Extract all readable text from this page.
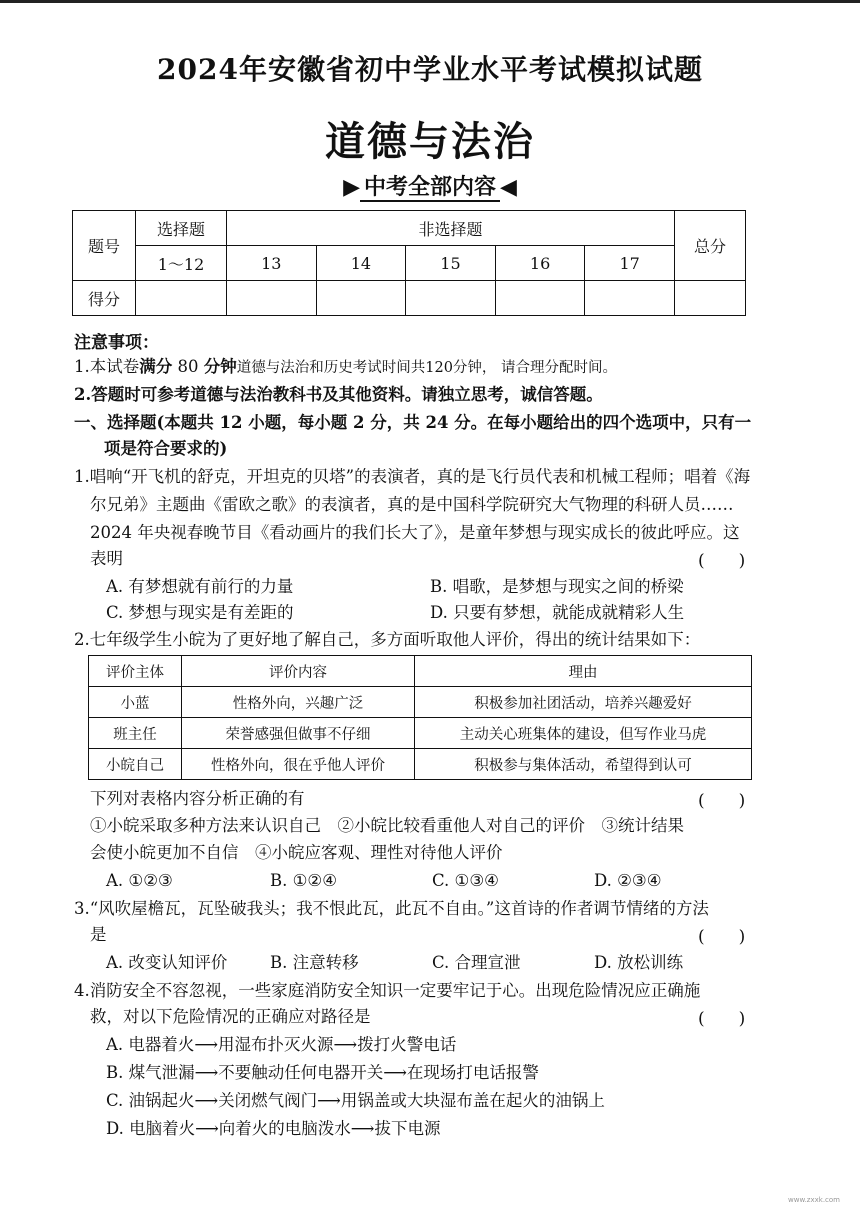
2024年安徽省初中学业水平考试模拟试题
道德与法治
▶ 中考全部内容 ◀
题号	选择题	非选择题					总分
	1～12	13	14	15	16	17	
得分							
注意事项：
1.本试卷满分 80 分钟道德与法治和历史考试时间共120分钟， 请合理分配时间。
2.答题时可参考道德与法治教科书及其他资料。请独立思考，诚信答题。
一、选择题(本题共 12 小题，每小题 2 分，共 24 分。在每小题给出的四个选项中，只有一
项是符合要求的)
1.唱响“开飞机的舒克，开坦克的贝塔”的表演者，真的是飞行员代表和机械工程师；唱着《海
尔兄弟》主题曲《雷欧之歌》的表演者，真的是中国科学院研究大气物理的科研人员……
2024 年央视春晚节目《看动画片的我们长大了》，是童年梦想与现实成长的彼此呼应。这
表明	(　　)
A. 有梦想就有前行的力量	B. 唱歌，是梦想与现实之间的桥梁
C. 梦想与现实是有差距的	D. 只要有梦想，就能成就精彩人生
2.七年级学生小皖为了更好地了解自己，多方面听取他人评价，得出的统计结果如下：
评价主体	评价内容	理由
小蓝	性格外向，兴趣广泛	积极参加社团活动，培养兴趣爱好
班主任	荣誉感强但做事不仔细	主动关心班集体的建设，但写作业马虎
小皖自己	性格外向，很在乎他人评价	积极参与集体活动，希望得到认可
下列对表格内容分析正确的有	(　　)
①小皖采取多种方法来认识自己　②小皖比较看重他人对自己的评价　③统计结果
会使小皖更加不自信　④小皖应客观、理性对待他人评价
A. ①②③	B. ①②④	C. ①③④	D. ②③④
3.“风吹屋檐瓦，瓦坠破我头；我不恨此瓦，此瓦不自由。”这首诗的作者调节情绪的方法
是	(　　)
A. 改变认知评价	B. 注意转移	C. 合理宣泄	D. 放松训练
4.消防安全不容忽视，一些家庭消防安全知识一定要牢记于心。出现危险情况应正确施
救，对以下危险情况的正确应对路径是	(　　)
A. 电器着火⟶用湿布扑灭火源⟶拨打火警电话
B. 煤气泄漏⟶不要触动任何电器开关⟶在现场打电话报警
C. 油锅起火⟶关闭燃气阀门⟶用锅盖或大块湿布盖在起火的油锅上
D. 电脑着火⟶向着火的电脑泼水⟶拔下电源
www.zxxk.com
